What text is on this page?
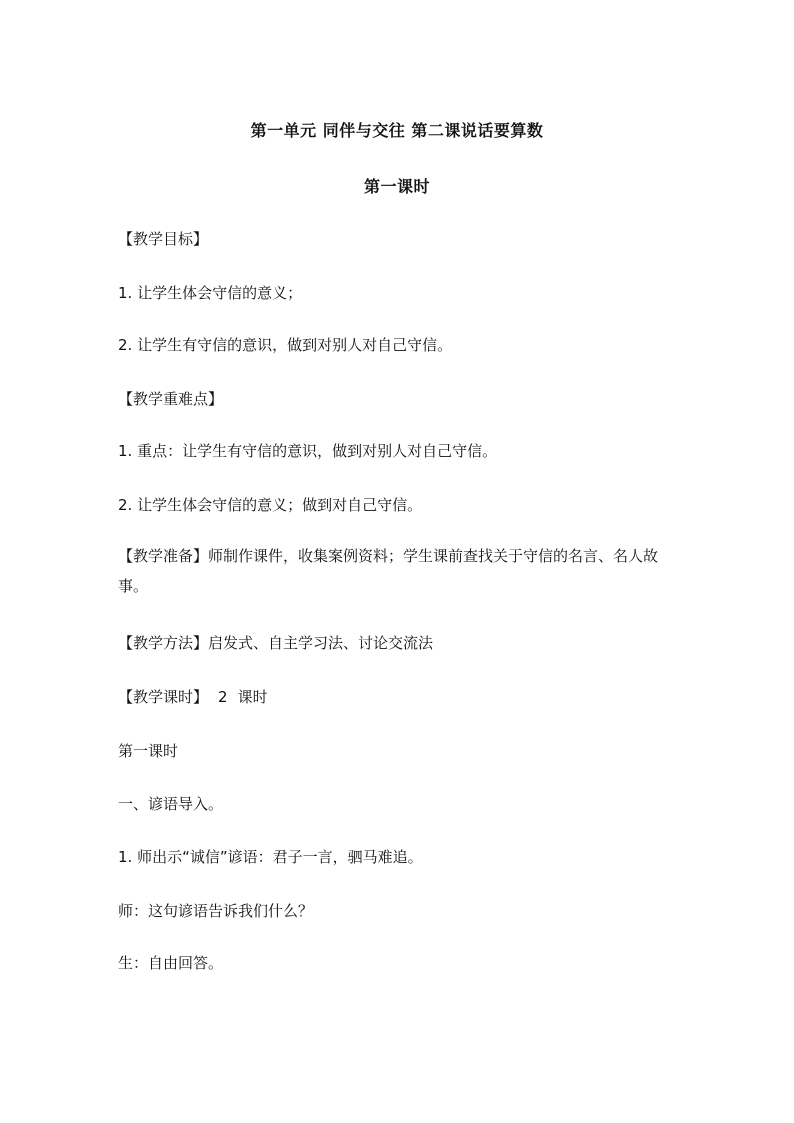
第一单元 同伴与交往 第二课说话要算数
第一课时
【教学目标】
1. 让学生体会守信的意义；
2. 让学生有守信的意识，做到对别人对自己守信。
【教学重难点】
1. 重点：让学生有守信的意识，做到对别人对自己守信。
2. 让学生体会守信的意义；做到对自己守信。
【教学准备】师制作课件，收集案例资料；学生课前查找关于守信的名言、名人故事。
【教学方法】启发式、自主学习法、讨论交流法
【教学课时】 2 课时
第一课时
一、谚语导入。
1. 师出示“诚信”谚语：君子一言，驷马难追。
师：这句谚语告诉我们什么？
生：自由回答。
